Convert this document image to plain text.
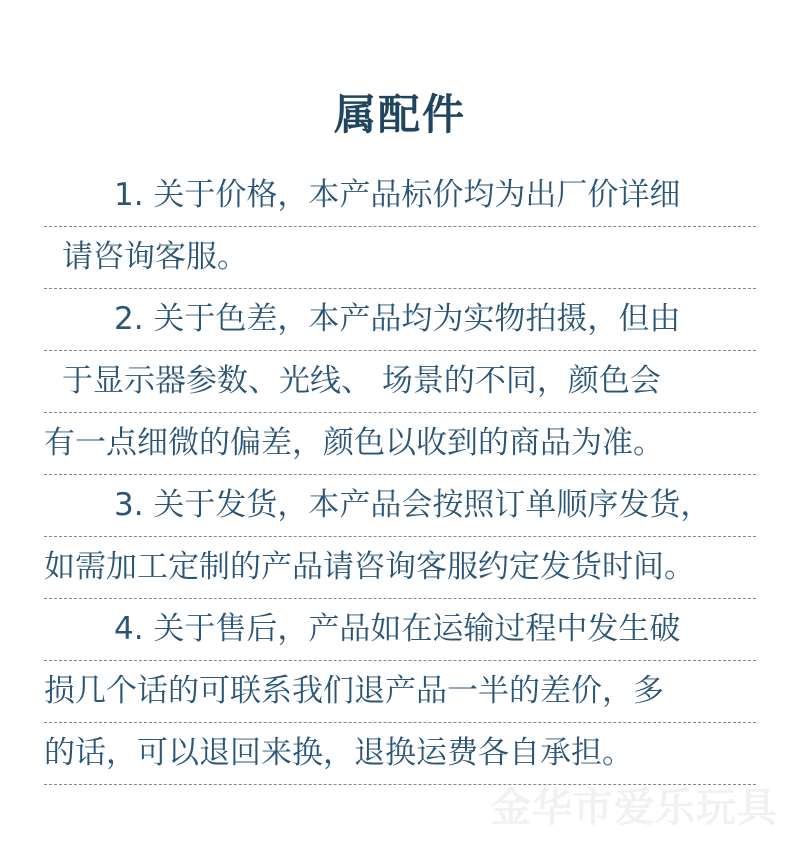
属配件
1. 关于价格，本产品标价均为出厂价详细
请咨询客服。
2. 关于色差，本产品均为实物拍摄，但由
于显示器参数、光线、 场景的不同，颜色会
有一点细微的偏差，颜色以收到的商品为准。
3. 关于发货，本产品会按照订单顺序发货，
如需加工定制的产品请咨询客服约定发货时间。
4. 关于售后，产品如在运输过程中发生破
损几个话的可联系我们退产品一半的差价，多
的话，可以退回来换，退换运费各自承担。
金华市爱乐玩具
